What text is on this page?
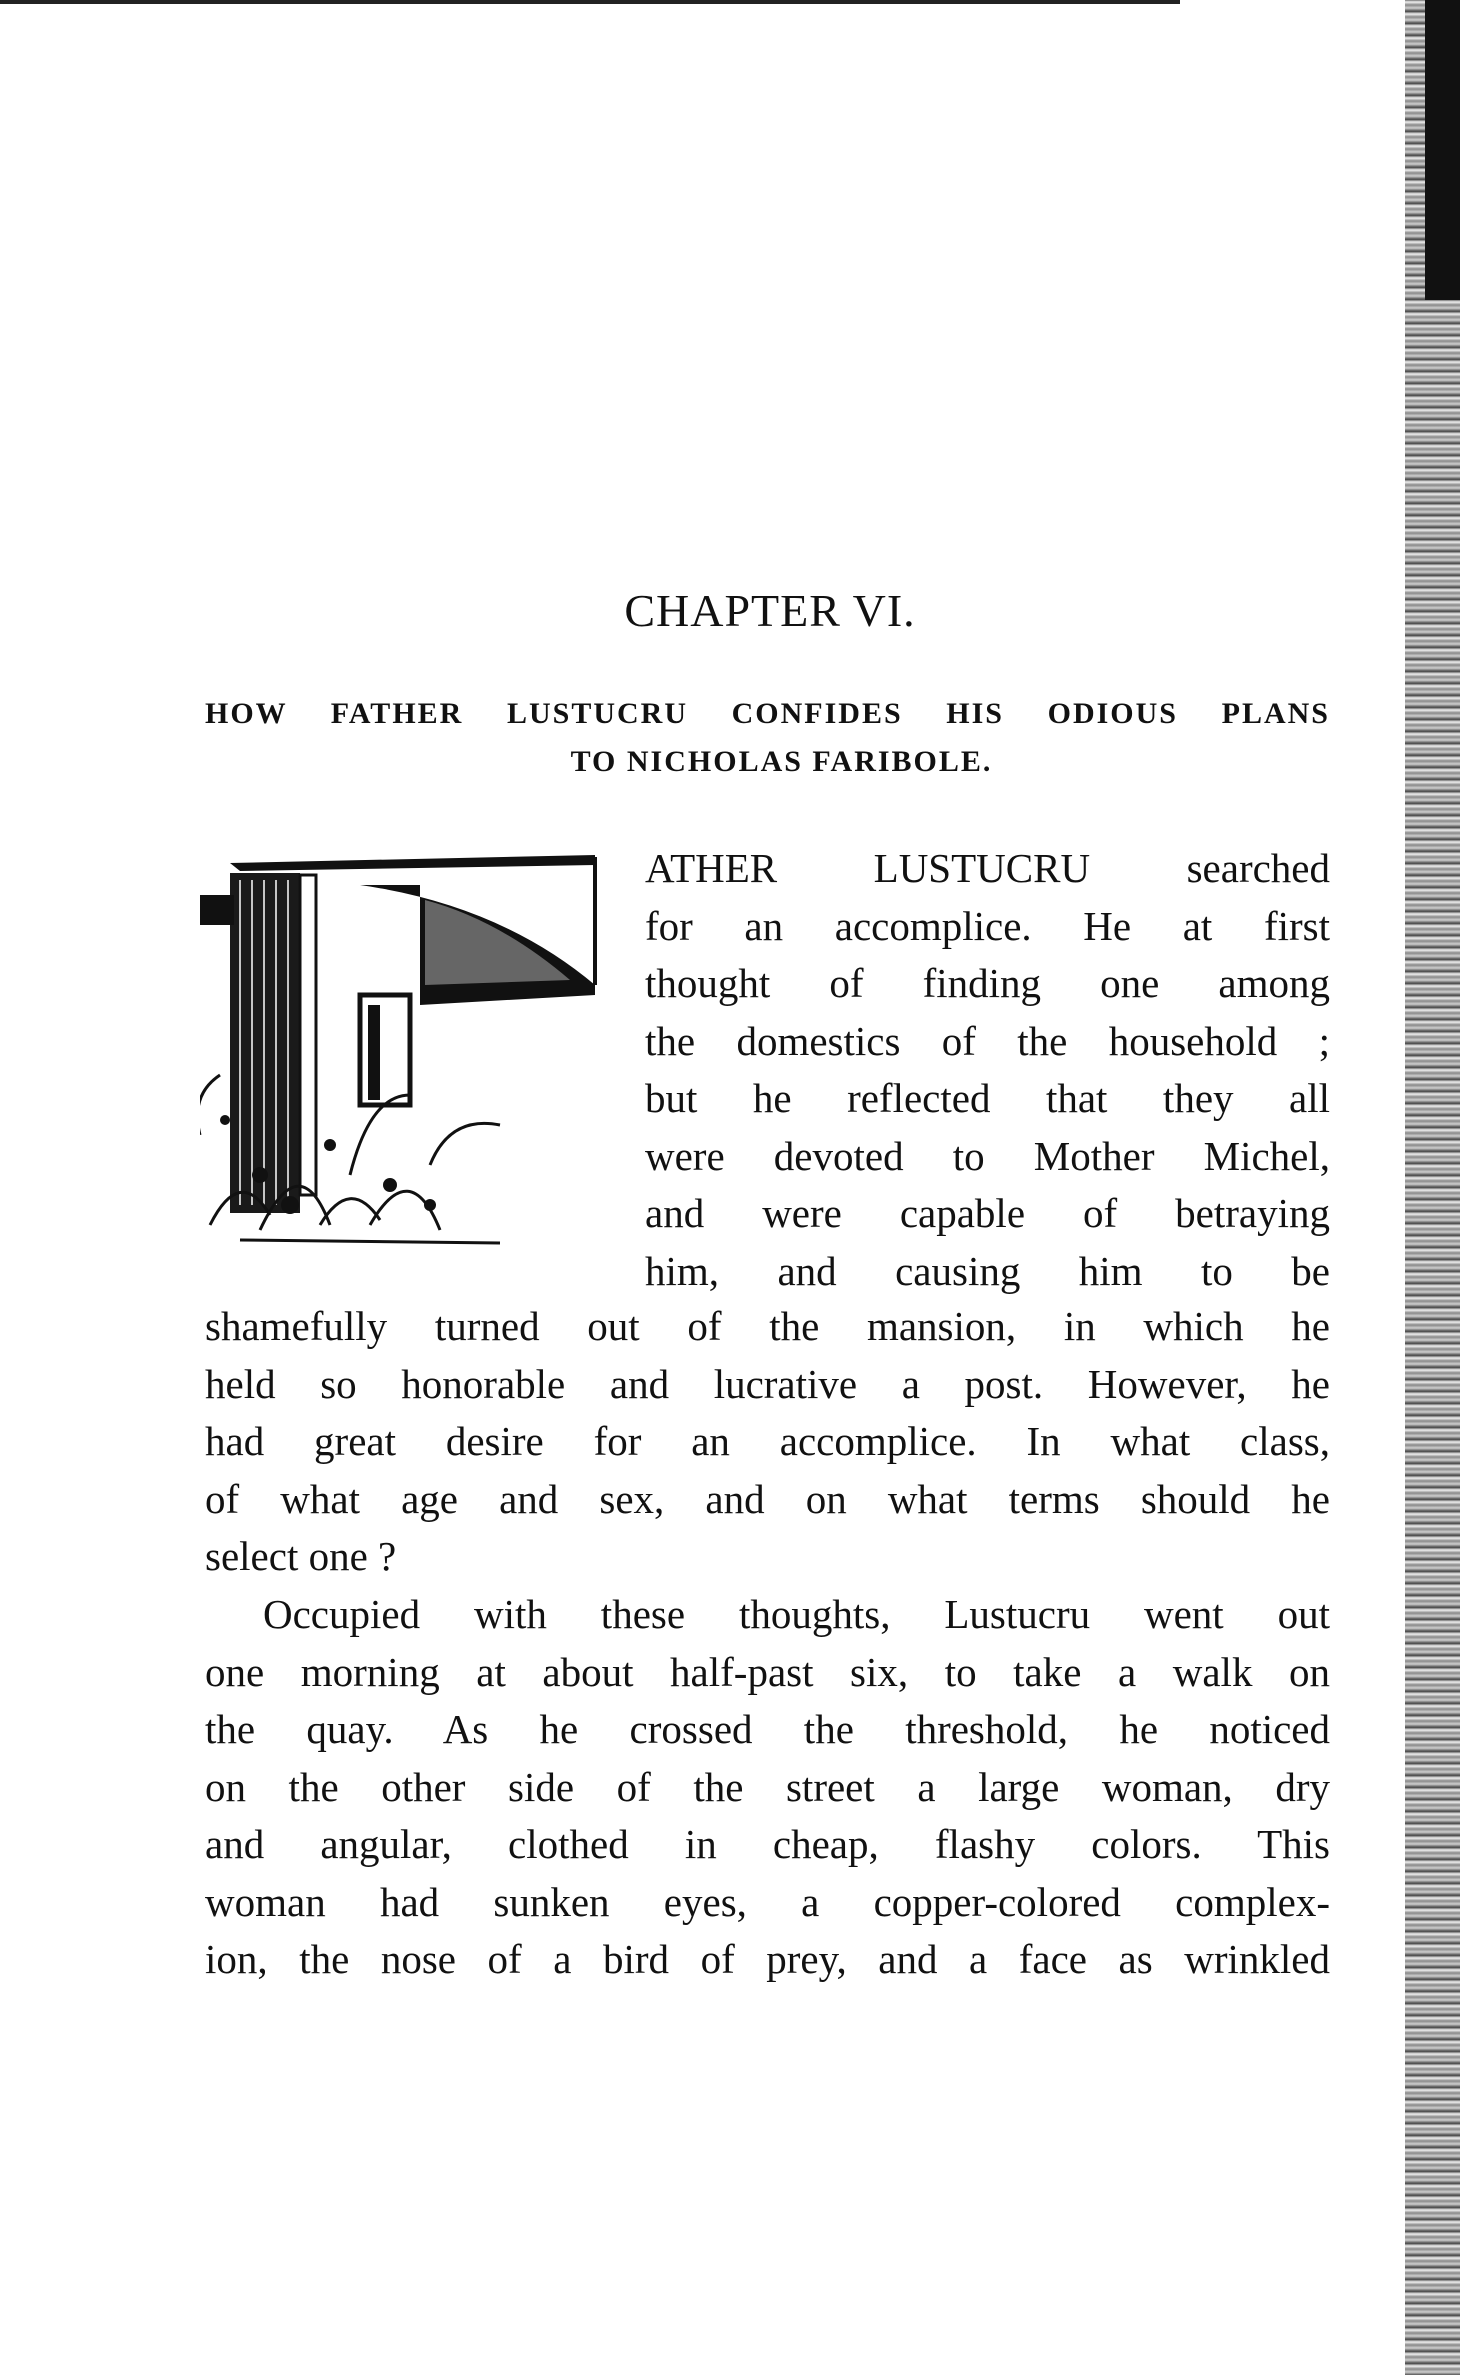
CHAPTER VI.
HOW FATHER LUSTUCRU CONFIDES HIS ODIOUS PLANS
TO NICHOLAS FARIBOLE.
ATHER LUSTUCRU searched
for an accomplice. He at first
thought of finding one among
the domestics of the household ;
but he reflected that they all
were devoted to Mother Michel,
and were capable of betraying
him, and causing him to be
shamefully turned out of the mansion, in which he
held so honorable and lucrative a post. However, he
had great desire for an accomplice. In what class,
of what age and sex, and on what terms should he
select one ?
Occupied with these thoughts, Lustucru went out
one morning at about half-past six, to take a walk on
the quay. As he crossed the threshold, he noticed
on the other side of the street a large woman, dry
and angular, clothed in cheap, flashy colors. This
woman had sunken eyes, a copper-colored complex-
ion, the nose of a bird of prey, and a face as wrinkled
